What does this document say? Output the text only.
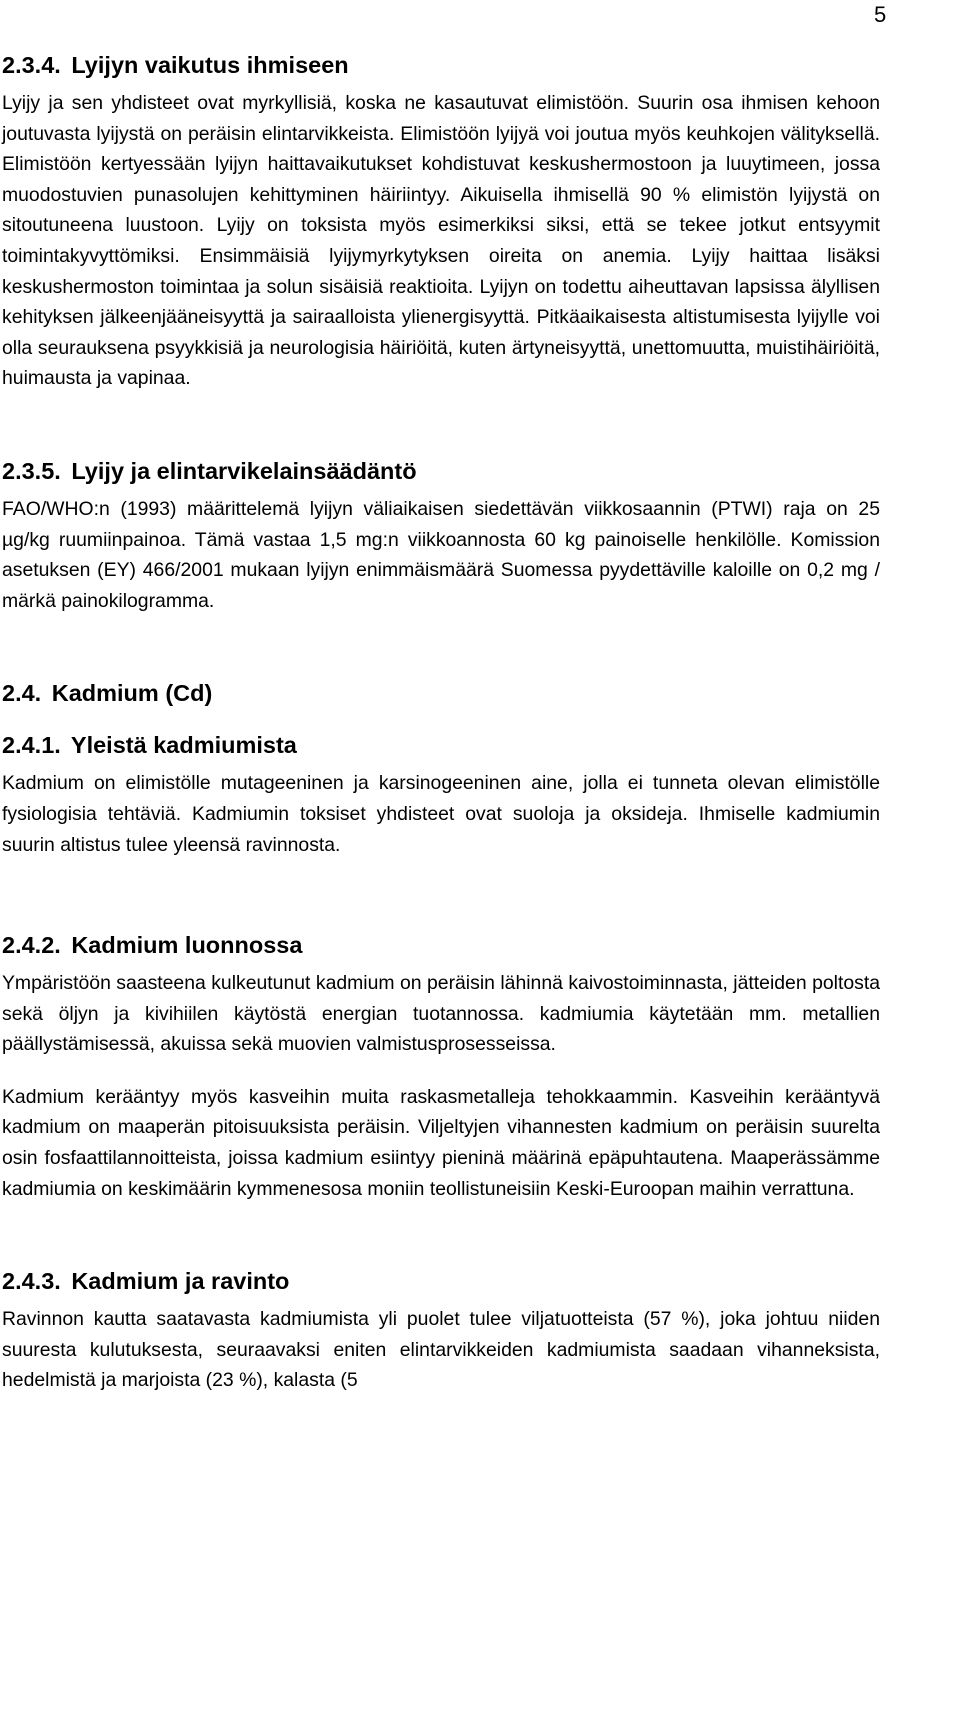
5
2.3.4. Lyijyn vaikutus ihmiseen

Lyijy ja sen yhdisteet ovat myrkyllisiä, koska ne kasautuvat elimistöön. Suurin osa ihmisen kehoon joutuvasta lyijystä on peräisin elintarvikkeista. Elimistöön lyijyä voi joutua myös keuhkojen välityksellä. Elimistöön kertyessään lyijyn haittavaikutukset kohdistuvat keskushermostoon ja luuytimeen, jossa muodostuvien punasolujen kehittyminen häiriintyy. Aikuisella ihmisellä 90 % elimistön lyijystä on sitoutuneena luustoon. Lyijy on toksista myös esimerkiksi siksi, että se tekee jotkut entsyymit toimintakyvyttömiksi. Ensimmäisiä lyijymyrkytyksen oireita on anemia. Lyijy haittaa lisäksi keskushermoston toimintaa ja solun sisäisiä reaktioita. Lyijyn on todettu aiheuttavan lapsissa älyllisen kehityksen jälkeenjääneisyyttä ja sairaalloista ylienergisyyttä. Pitkäaikaisesta altistumisesta lyijylle voi olla seurauksena psyykkisiä ja neurologisia häiriöitä, kuten ärtyneisyyttä, unettomuutta, muistihäiriöitä, huimausta ja vapinaa.

2.3.5. Lyijy ja elintarvikelainsäädäntö

FAO/WHO:n (1993) määrittelemä lyijyn väliaikaisen siedettävän viikkosaannin (PTWI) raja on 25 µg/kg ruumiinpainoa. Tämä vastaa 1,5 mg:n viikkoannosta 60 kg painoiselle henkilölle. Komission asetuksen (EY) 466/2001 mukaan lyijyn enimmäismäärä Suomessa pyydettäville kaloille on 0,2 mg / märkä painokilogramma.

2.4. Kadmium (Cd)
2.4.1. Yleistä kadmiumista

Kadmium on elimistölle mutageeninen ja karsinogeeninen aine, jolla ei tunneta olevan elimistölle fysiologisia tehtäviä. Kadmiumin toksiset yhdisteet ovat suoloja ja oksideja. Ihmiselle kadmiumin suurin altistus tulee yleensä ravinnosta.

2.4.2. Kadmium luonnossa

Ympäristöön saasteena kulkeutunut kadmium on peräisin lähinnä kaivostoiminnasta, jätteiden poltosta sekä öljyn ja kivihiilen käytöstä energian tuotannossa. kadmiumia käytetään mm. metallien päällystämisessä, akuissa sekä muovien valmistusprosesseissa.

Kadmium kerääntyy myös kasveihin muita raskasmetalleja tehokkaammin. Kasveihin kerääntyvä kadmium on maaperän pitoisuuksista peräisin. Viljeltyjen vihannesten kadmium on peräisin suurelta osin fosfaattilannoitteista, joissa kadmium esiintyy pieninä määrinä epäpuhtautena. Maaperässämme kadmiumia on keskimäärin kymmenesosa moniin teollistuneisiin Keski-Euroopan maihin verrattuna.

2.4.3. Kadmium ja ravinto

Ravinnon kautta saatavasta kadmiumista yli puolet tulee viljatuotteista (57 %), joka johtuu niiden suuresta kulutuksesta, seuraavaksi eniten elintarvikkeiden kadmiumista saadaan vihanneksista, hedelmistä ja marjoista (23 %), kalasta (5
